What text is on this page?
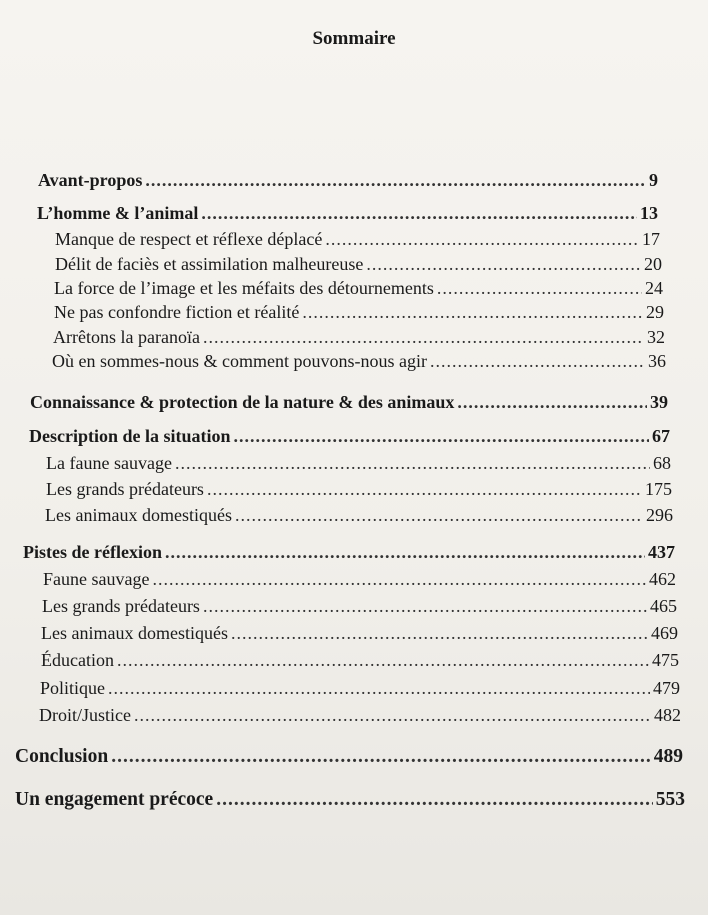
Sommaire
Avant-propos .....	9
L’homme & l’animal .....	13
Manque de respect et réflexe déplacé .....	17
Délit de faciès et assimilation malheureuse .....	20
La force de l’image et les méfaits des détournements .....	24
Ne pas confondre fiction et réalité .....	29
Arrêtons la paranoïa .....	32
Où en sommes-nous & comment pouvons-nous agir .....	36
Connaissance & protection de la nature & des animaux .....	39
Description de la situation .....	67
La faune sauvage .....	68
Les grands prédateurs .....	175
Les animaux domestiqués .....	296
Pistes de réflexion .....	437
Faune sauvage .....	462
Les grands prédateurs .....	465
Les animaux domestiqués .....	469
Éducation .....	475
Politique .....	479
Droit/Justice .....	482
Conclusion .....	489
Un engagement précoce .....	553
